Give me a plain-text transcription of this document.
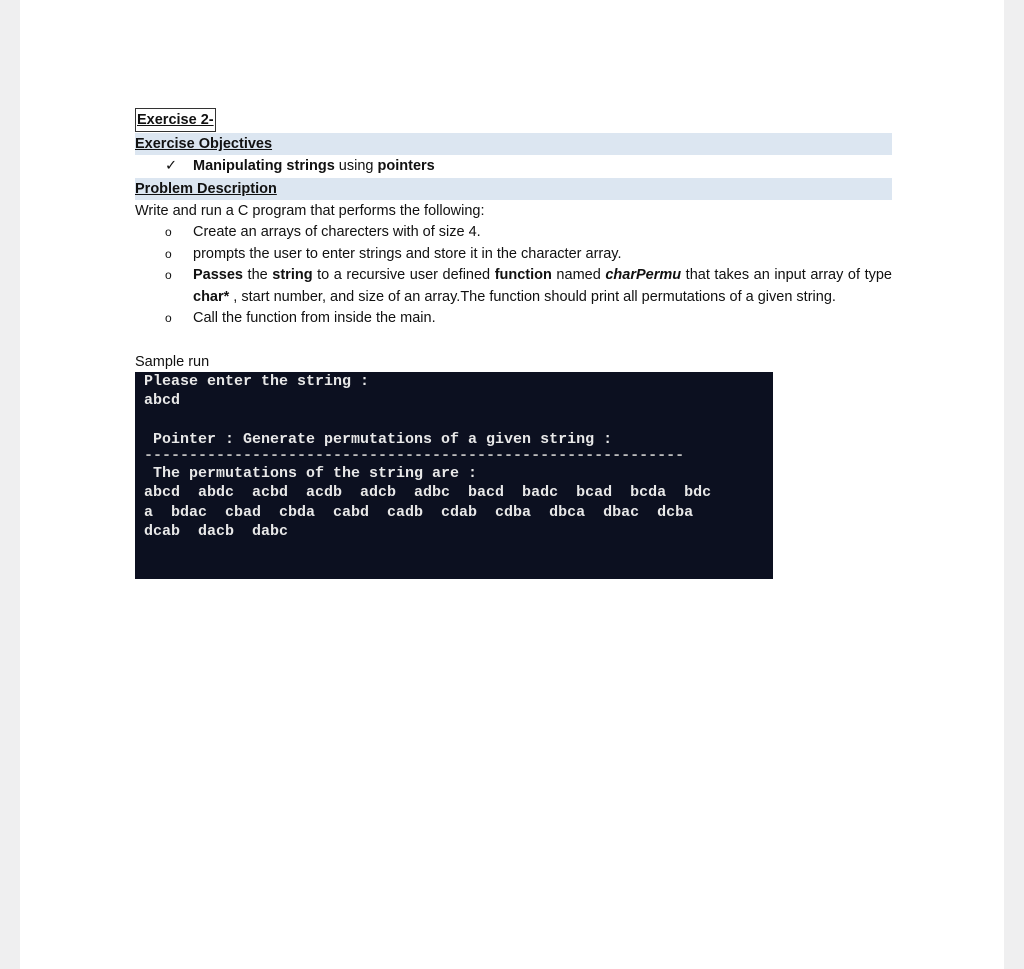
Exercise 2-
Exercise Objectives
✓ Manipulating strings using pointers
Problem Description
Write and run a C program that performs the following:
o Create an arrays of charecters with of size 4.
o prompts the user to enter strings and store it in the character array.
o Passes the string to a recursive user defined function named charPermu that takes an input array of type char* , start number, and size of an array.The function should print all permutations of a given string.
o Call the function from inside the main.
Sample run
Please enter the string :
abcd

Pointer : Generate permutations of a given string :
------------------------------------------------------------
The permutations of the string are :
abcd  abdc  acbd  acdb  adcb  adbc  bacd  badc  bcad  bcda  bdc
a  bdac  cbad  cbda  cabd  cadb  cdab  cdba  dbca  dbac  dcba
dcab  dacb  dabc
